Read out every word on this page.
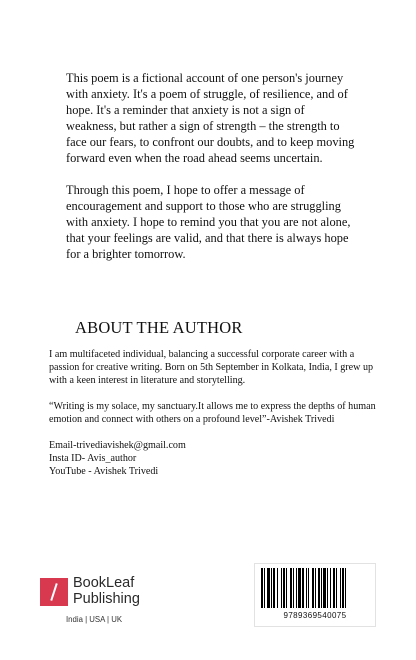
This poem is a fictional account of one person's journey with anxiety. It's a poem of struggle, of resilience, and of hope. It's a reminder that anxiety is not a sign of weakness, but rather a sign of strength – the strength to face our fears, to confront our doubts, and to keep moving forward even when the road ahead seems uncertain.

Through this poem, I hope to offer a message of encouragement and support to those who are struggling with anxiety. I hope to remind you that you are not alone, that your feelings are valid, and that there is always hope for a brighter tomorrow.

ABOUT THE AUTHOR

I am multifaceted individual, balancing a successful corporate career with a passion for creative writing. Born on 5th September in Kolkata, India, I grew up with a keen interest in literature and storytelling.

“Writing is my solace, my sanctuary.It allows me to express the depths of human emotion and connect with others on a profound level”-Avishek Trivedi

Email-trivediavishek@gmail.com
Insta ID- Avis_author
YouTube - Avishek Trivedi
BookLeaf
Publishing
India | USA | UK	9789369540075
